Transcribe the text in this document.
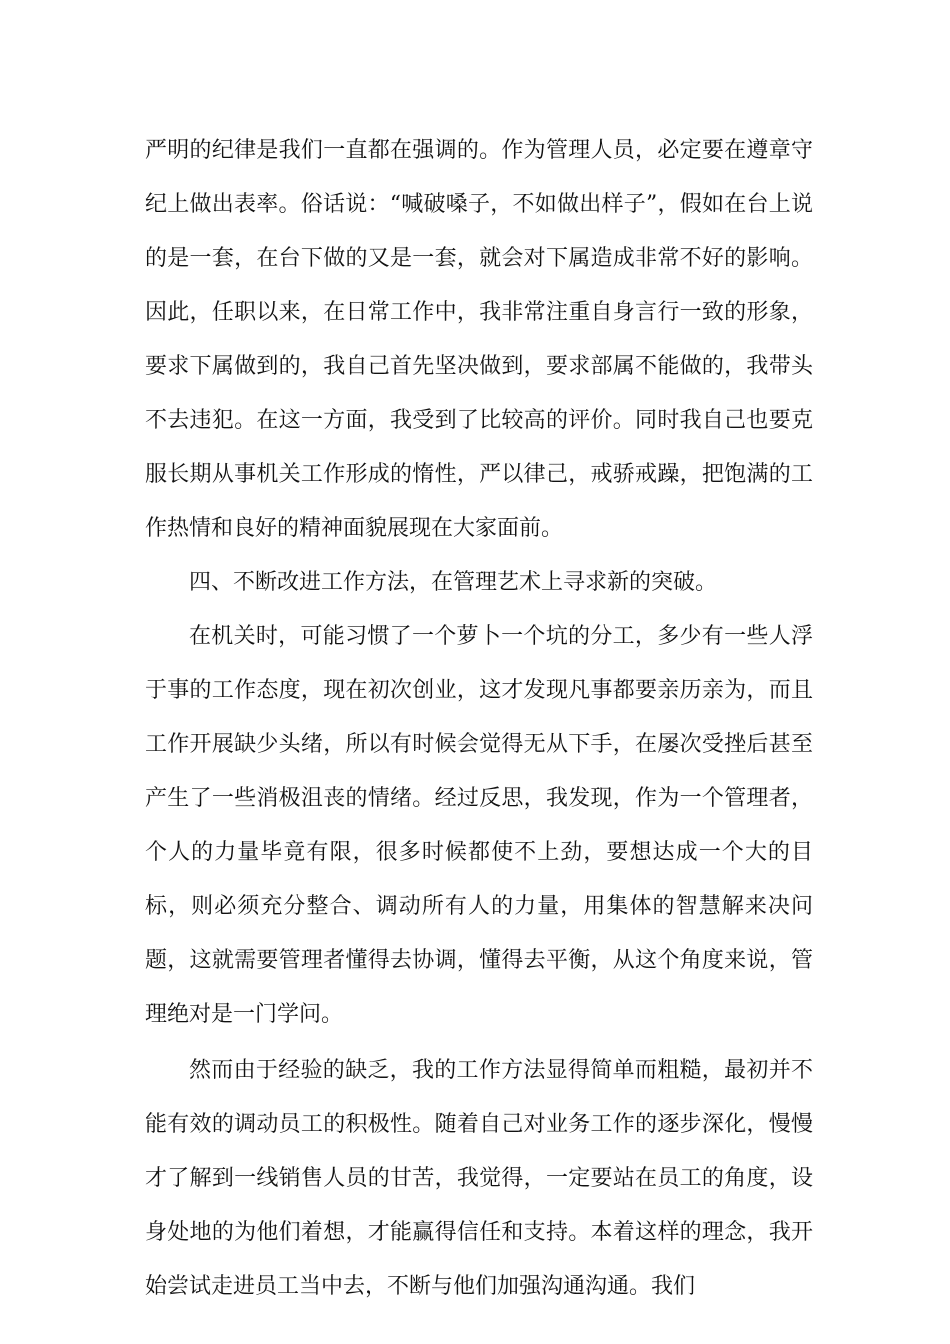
严明的纪律是我们一直都在强调的。作为管理人员，必定要在遵章守纪上做出表率。俗话说：“喊破嗓子，不如做出样子”，假如在台上说的是一套，在台下做的又是一套，就会对下属造成非常不好的影响。因此，任职以来，在日常工作中，我非常注重自身言行一致的形象，要求下属做到的，我自己首先坚决做到，要求部属不能做的，我带头不去违犯。在这一方面，我受到了比较高的评价。同时我自己也要克服长期从事机关工作形成的惰性，严以律己，戒骄戒躁，把饱满的工作热情和良好的精神面貌展现在大家面前。

四、不断改进工作方法，在管理艺术上寻求新的突破。

在机关时，可能习惯了一个萝卜一个坑的分工，多少有一些人浮于事的工作态度，现在初次创业，这才发现凡事都要亲历亲为，而且工作开展缺少头绪，所以有时候会觉得无从下手，在屡次受挫后甚至产生了一些消极沮丧的情绪。经过反思，我发现，作为一个管理者，个人的力量毕竟有限，很多时候都使不上劲，要想达成一个大的目标，则必须充分整合、调动所有人的力量，用集体的智慧解来决问题，这就需要管理者懂得去协调，懂得去平衡，从这个角度来说，管理绝对是一门学问。

然而由于经验的缺乏，我的工作方法显得简单而粗糙，最初并不能有效的调动员工的积极性。随着自己对业务工作的逐步深化，慢慢才了解到一线销售人员的甘苦，我觉得，一定要站在员工的角度，设身处地的为他们着想，才能赢得信任和支持。本着这样的理念，我开始尝试走进员工当中去，不断与他们加强沟通沟通。我们
